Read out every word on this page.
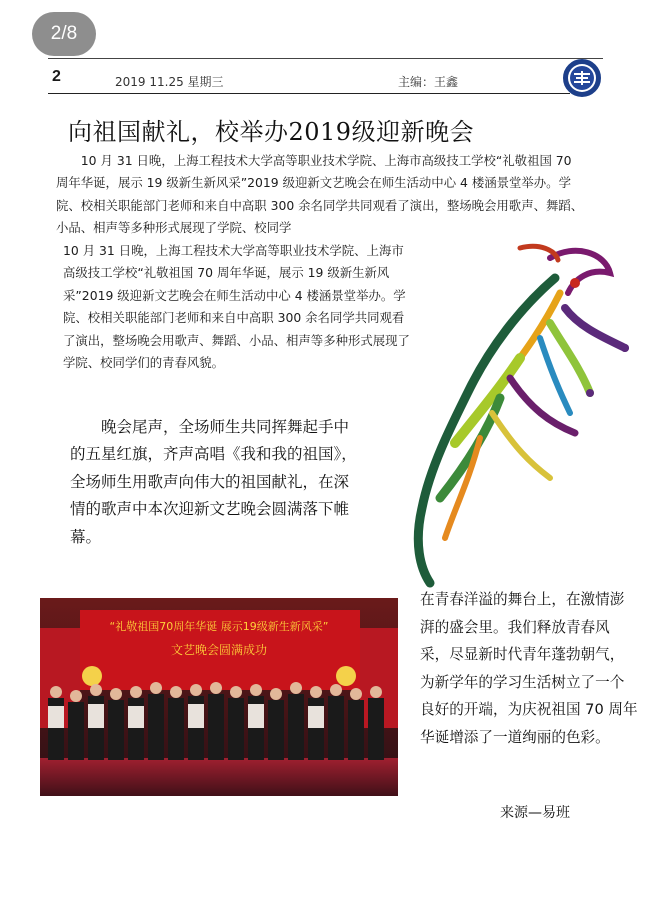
2/8
2	2019 11.25 星期三	主编：王鑫
向祖国献礼，校举办2019级迎新晚会
10 月 31 日晚，上海工程技术大学高等职业技术学院、上海市高级技工学校“礼敬祖国 70 周年华诞，展示 19 级新生新风采”2019 级迎新文艺晚会在师生活动中心 4 楼涵景堂举办。学院、校相关职能部门老师和来自中高职 300 余名同学共同观看了演出，整场晚会用歌声、舞蹈、小品、相声等多种形式展现了学院、校同学
10 月 31 日晚，上海工程技术大学高等职业技术学院、上海市高级技工学校“礼敬祖国 70 周年华诞，展示 19 级新生新风采”2019 级迎新文艺晚会在师生活动中心 4 楼涵景堂举办。学院、校相关职能部门老师和来自中高职 300 余名同学共同观看了演出，整场晚会用歌声、舞蹈、小品、相声等多种形式展现了学院、校同学们的青春风貌。
晚会尾声，全场师生共同挥舞起手中的五星红旗，齐声高唱《我和我的祖国》，全场师生用歌声向伟大的祖国献礼，在深情的歌声中本次迎新文艺晚会圆满落下帷幕。
“礼敬祖国70周年华诞 展示19级新生新风采”
文艺晚会圆满成功
在青春洋溢的舞台上，在激情澎湃的盛会里。我们释放青春风采，尽显新时代青年蓬勃朝气，为新学年的学习生活树立了一个良好的开端，为庆祝祖国 70 周年华诞增添了一道绚丽的色彩。
来源—易班
